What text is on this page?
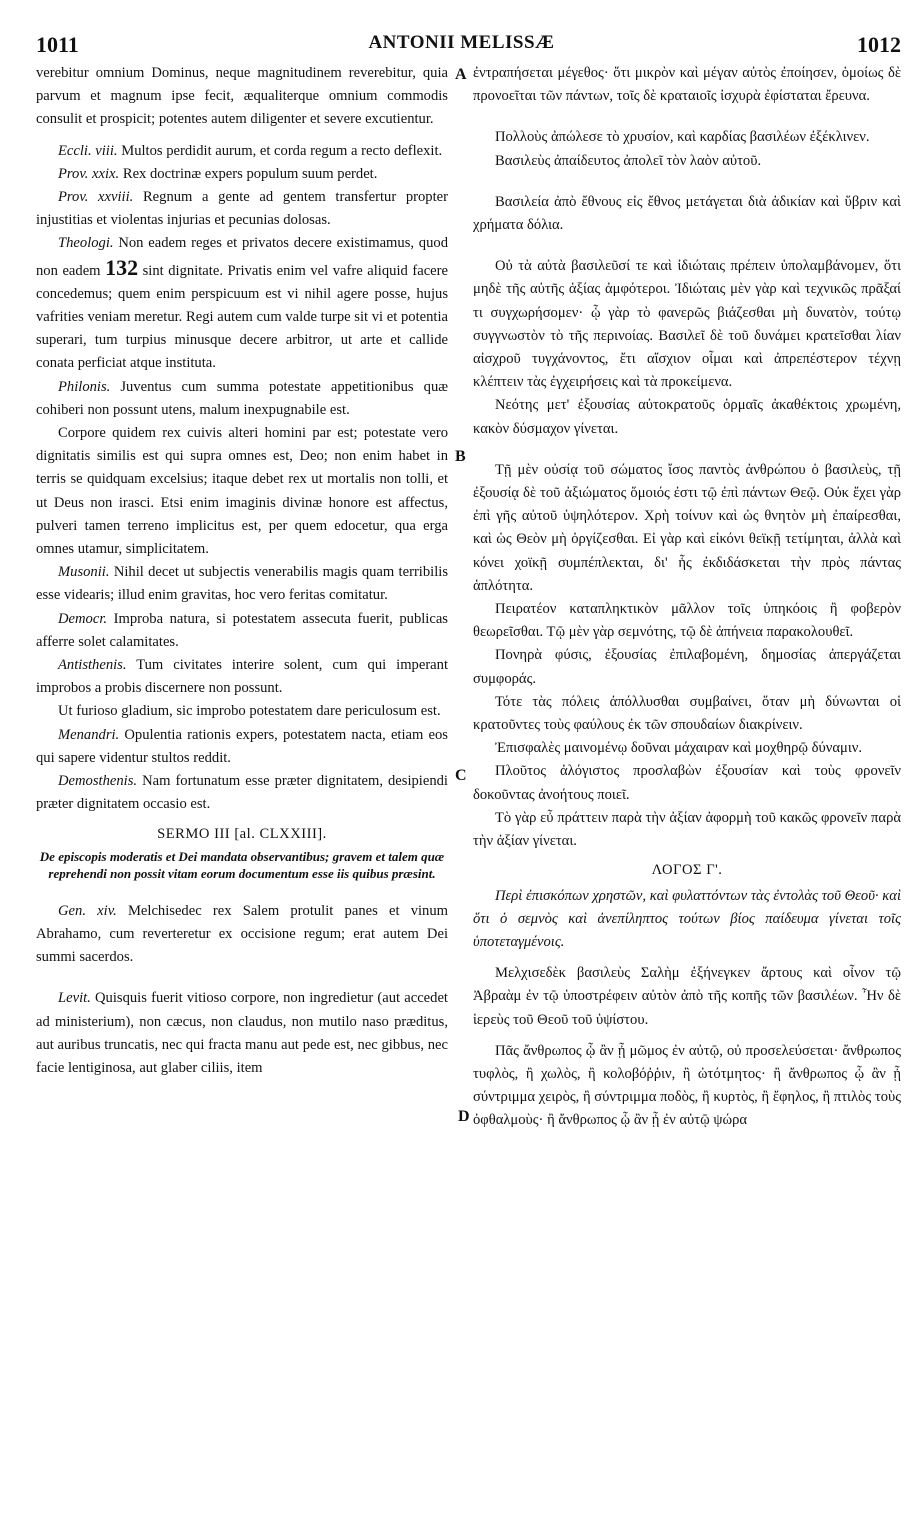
1011	ANTONII MELISSÆ	1012
A
B
C
D

verebitur omnium Dominus, neque magnitudinem reverebitur, quia parvum et magnum ipse fecit, æqualiterque omnium commodis consulit et prospicit; potentes autem diligenter et severe excutientur.

Eccli. viii. Multos perdidit aurum, et corda regum a recto deflexit.

Prov. xxix. Rex doctrinæ expers populum suum perdet.

Prov. xxviii. Regnum a gente ad gentem transfertur propter injustitias et violentas injurias et pecunias dolosas.

Theologi. Non eadem reges et privatos decere existimamus, quod non eadem 132 sint dignitate. Privatis enim vel vafre aliquid facere concedemus; quem enim perspicuum est vi nihil agere posse, hujus vafrities veniam meretur. Regi autem cum valde turpe sit vi et potentia superari, tum turpius minusque decere arbitror, ut arte et callide conata perficiat atque instituta.

Philonis. Juventus cum summa potestate appetitionibus quæ cohiberi non possunt utens, malum inexpugnabile est.

Corpore quidem rex cuivis alteri homini par est; potestate vero dignitatis similis est qui supra omnes est, Deo; non enim habet in terris se quidquam excelsius; itaque debet rex ut mortalis non tolli, et ut Deus non irasci. Etsi enim imaginis divinæ honore est affectus, pulveri tamen terreno implicitus est, per quem edocetur, qua erga omnes utamur, simplicitatem.

Musonii. Nihil decet ut subjectis venerabilis magis quam terribilis esse videaris; illud enim gravitas, hoc vero feritas comitatur.

Democr. Improba natura, si potestatem assecuta fuerit, publicas afferre solet calamitates.

Antisthenis. Tum civitates interire solent, cum qui imperant improbos a probis discernere non possunt.

Ut furioso gladium, sic improbo potestatem dare periculosum est.

Menandri. Opulentia rationis expers, potestatem nacta, etiam eos qui sapere videntur stultos reddit.

Demosthenis. Nam fortunatum esse præter dignitatem, desipiendi præter dignitatem occasio est.

SERMO III [al. CLXXIII].

De episcopis moderatis et Dei mandata observantibus; gravem et talem quæ reprehendi non possit vitam eorum documentum esse iis quibus præsint.

Gen. xiv. Melchisedec rex Salem protulit panes et vinum Abrahamo, cum reverteretur ex occisione regum; erat autem Dei summi sacerdos.

Levit. Quisquis fuerit vitioso corpore, non ingredietur (aut accedet ad ministerium), non cæcus, non claudus, non mutilo naso præditus, aut auribus truncatis, nec qui fracta manu aut pede est, nec gibbus, nec facie lentiginosa, aut glaber ciliis, item

ἐντραπήσεται μέγεθος· ὅτι μικρὸν καὶ μέγαν αὐτὸς ἐποίησεν, ὁμοίως δὲ προνοεῖται τῶν πάντων, τοῖς δὲ κραταιοῖς ἰσχυρὰ ἐφίσταται ἔρευνα.

Πολλοὺς ἀπώλεσε τὸ χρυσίον, καὶ καρδίας βασιλέων ἐξέκλινεν.

Βασιλεὺς ἀπαίδευτος ἀπολεῖ τὸν λαὸν αὐτοῦ.

Βασιλεία ἀπὸ ἔθνους εἰς ἔθνος μετάγεται διὰ ἀδικίαν καὶ ὕβριν καὶ χρήματα δόλια.

Οὐ τὰ αὐτὰ βασιλεῦσί τε καὶ ἰδιώταις πρέπειν ὑπολαμβάνομεν, ὅτι μηδὲ τῆς αὐτῆς ἀξίας ἀμφότεροι. Ἰδιώταις μὲν γὰρ καὶ τεχνικῶς πρᾶξαί τι συγχωρήσομεν· ᾧ γὰρ τὸ φανερῶς βιάζεσθαι μὴ δυνατὸν, τούτῳ συγγνωστὸν τὸ τῆς περινοίας. Βασιλεῖ δὲ τοῦ δυνάμει κρατεῖσθαι λίαν αἰσχροῦ τυγχάνοντος, ἔτι αἴσχιον οἶμαι καὶ ἀπρεπέστερον τέχνῃ κλέπτειν τὰς ἐγχειρήσεις καὶ τὰ προκείμενα.

Νεότης μετ' ἐξουσίας αὐτοκρατοῦς ὁρμαῖς ἀκαθέκτοις χρωμένη, κακὸν δύσμαχον γίνεται.

Τῇ μὲν οὐσίᾳ τοῦ σώματος ἴσος παντὸς ἀνθρώπου ὁ βασιλεὺς, τῇ ἐξουσίᾳ δὲ τοῦ ἀξιώματος ὅμοιός ἐστι τῷ ἐπὶ πάντων Θεῷ. Οὐκ ἔχει γὰρ ἐπὶ γῆς αὐτοῦ ὑψηλότερον. Χρὴ τοίνυν καὶ ὡς θνητὸν μὴ ἐπαίρεσθαι, καὶ ὡς Θεὸν μὴ ὀργίζεσθαι. Εἰ γὰρ καὶ εἰκόνι θεϊκῇ τετίμηται, ἀλλὰ καὶ κόνει χοϊκῇ συμπέπλεκται, δι' ἧς ἐκδιδάσκεται τὴν πρὸς πάντας ἁπλότητα.

Πειρατέον καταπληκτικὸν μᾶλλον τοῖς ὑπηκόοις ἢ φοβερὸν θεωρεῖσθαι. Τῷ μὲν γὰρ σεμνότης, τῷ δὲ ἀπήνεια παρακολουθεῖ.

Πονηρὰ φύσις, ἐξουσίας ἐπιλαβομένη, δημοσίας ἀπεργάζεται συμφοράς.

Τότε τὰς πόλεις ἀπόλλυσθαι συμβαίνει, ὅταν μὴ δύνωνται οἱ κρατοῦντες τοὺς φαύλους ἐκ τῶν σπουδαίων διακρίνειν.

Ἐπισφαλὲς μαινομένῳ δοῦναι μάχαιραν καὶ μοχθηρῷ δύναμιν.

Πλοῦτος ἀλόγιστος προσλαβὼν ἐξουσίαν καὶ τοὺς φρονεῖν δοκοῦντας ἀνοήτους ποιεῖ.

Τὸ γὰρ εὖ πράττειν παρὰ τὴν ἀξίαν ἀφορμὴ τοῦ κακῶς φρονεῖν παρὰ τὴν ἀξίαν γίνεται.

ΛΟΓΟΣ Γ'.

Περὶ ἐπισκόπων χρηστῶν, καὶ φυλαττόντων τὰς ἐντολὰς τοῦ Θεοῦ· καὶ ὅτι ὁ σεμνὸς καὶ ἀνεπίληπτος τούτων βίος παίδευμα γίνεται τοῖς ὑποτεταγμένοις.

Μελχισεδὲκ βασιλεὺς Σαλὴμ ἐξήνεγκεν ἄρτους καὶ οἶνον τῷ Ἀβραὰμ ἐν τῷ ὑποστρέφειν αὐτὸν ἀπὸ τῆς κοπῆς τῶν βασιλέων. Ἦν δὲ ἱερεὺς τοῦ Θεοῦ τοῦ ὑψίστου.

Πᾶς ἄνθρωπος ᾧ ἂν ᾖ μῶμος ἐν αὐτῷ, οὐ προσελεύσεται· ἄνθρωπος τυφλὸς, ἢ χωλὸς, ἢ κολοβόῤῥιν, ἢ ὠτότμητος· ἢ ἄνθρωπος ᾧ ἂν ᾖ σύντριμμα χειρὸς, ἢ σύντριμμα ποδὸς, ἢ κυρτὸς, ἢ ἔφηλος, ἢ πτιλὸς τοὺς ὀφθαλμοὺς· ἢ ἄνθρωπος ᾧ ἂν ᾖ ἐν αὐτῷ ψώρα
